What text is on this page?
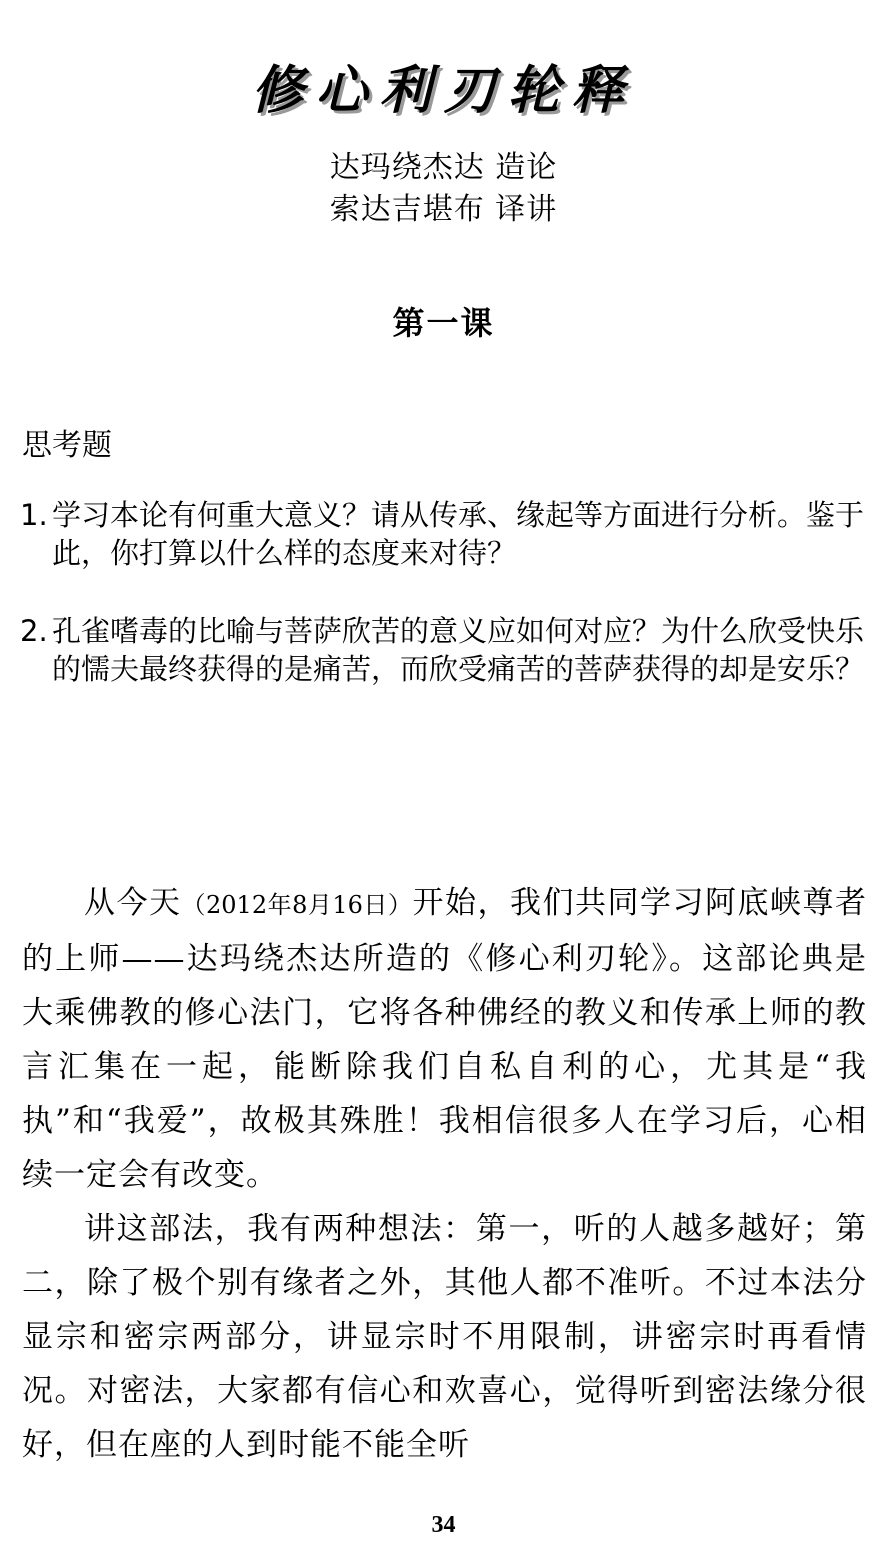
修心利刃轮释
达玛绕杰达 造论
索达吉堪布 译讲
第一课
思考题
1. 学习本论有何重大意义？请从传承、缘起等方面进行分析。鉴于此，你打算以什么样的态度来对待？
2. 孔雀嗜毒的比喻与菩萨欣苦的意义应如何对应？为什么欣受快乐的懦夫最终获得的是痛苦，而欣受痛苦的菩萨获得的却是安乐？

从今天（2012年8月16日）开始，我们共同学习阿底峡尊者的上师——达玛绕杰达所造的《修心利刃轮》。这部论典是大乘佛教的修心法门，它将各种佛经的教义和传承上师的教言汇集在一起，能断除我们自私自利的心，尤其是“我执”和“我爱”，故极其殊胜！我相信很多人在学习后，心相续一定会有改变。

讲这部法，我有两种想法：第一，听的人越多越好；第二，除了极个别有缘者之外，其他人都不准听。不过本法分显宗和密宗两部分，讲显宗时不用限制，讲密宗时再看情况。对密法，大家都有信心和欢喜心，觉得听到密法缘分很好，但在座的人到时能不能全听

34
